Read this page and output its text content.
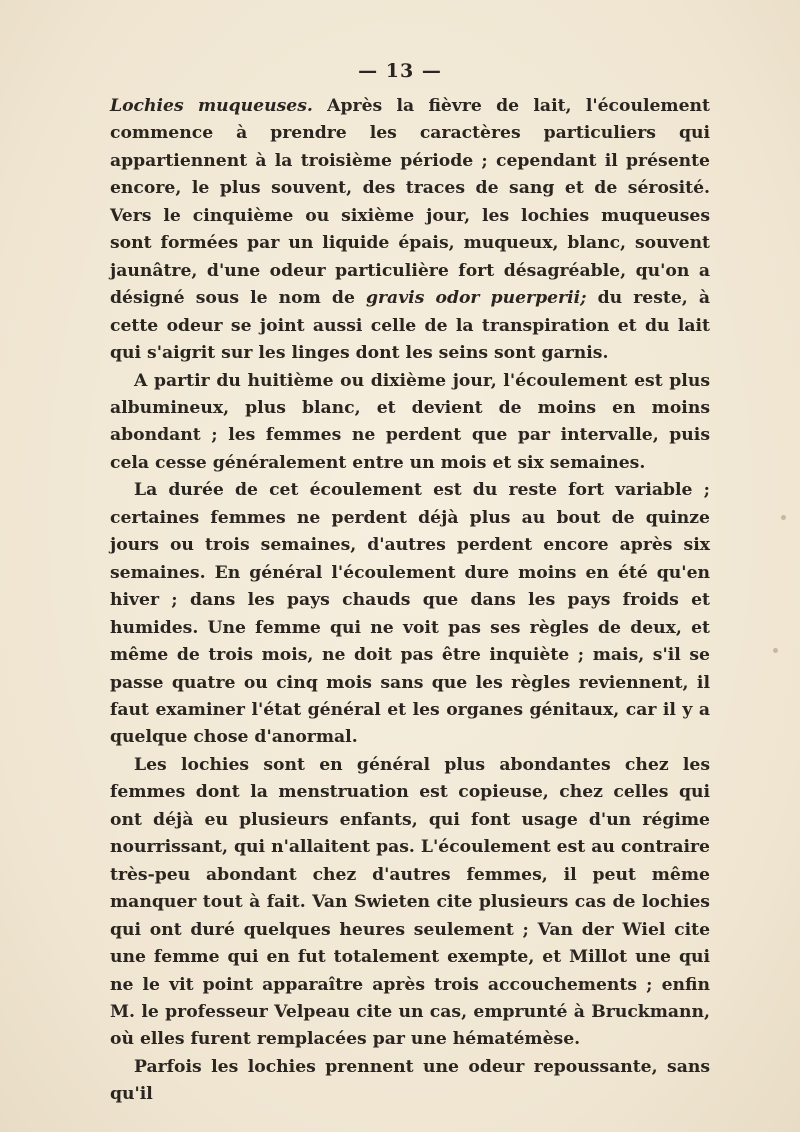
— 13 —

Lochies muqueuses. Après la fièvre de lait, l'écoulement commence à prendre les caractères particuliers qui appartiennent à la troisième période ; cependant il présente encore, le plus souvent, des traces de sang et de sérosité. Vers le cinquième ou sixième jour, les lochies muqueuses sont formées par un liquide épais, muqueux, blanc, souvent jaunâtre, d'une odeur particulière fort désagréable, qu'on a désigné sous le nom de gravis odor puerperii; du reste, à cette odeur se joint aussi celle de la transpiration et du lait qui s'aigrit sur les linges dont les seins sont garnis.

A partir du huitième ou dixième jour, l'écoulement est plus albumineux, plus blanc, et devient de moins en moins abondant ; les femmes ne perdent que par intervalle, puis cela cesse généralement entre un mois et six semaines.

La durée de cet écoulement est du reste fort variable ; certaines femmes ne perdent déjà plus au bout de quinze jours ou trois semaines, d'autres perdent encore après six semaines. En général l'écoulement dure moins en été qu'en hiver ; dans les pays chauds que dans les pays froids et humides. Une femme qui ne voit pas ses règles de deux, et même de trois mois, ne doit pas être inquiète ; mais, s'il se passe quatre ou cinq mois sans que les règles reviennent, il faut examiner l'état général et les organes génitaux, car il y a quelque chose d'anormal.

Les lochies sont en général plus abondantes chez les femmes dont la menstruation est copieuse, chez celles qui ont déjà eu plusieurs enfants, qui font usage d'un régime nourrissant, qui n'allaitent pas. L'écoulement est au contraire très-peu abondant chez d'autres femmes, il peut même manquer tout à fait. Van Swieten cite plusieurs cas de lochies qui ont duré quelques heures seulement ; Van der Wiel cite une femme qui en fut totalement exempte, et Millot une qui ne le vit point apparaître après trois accouchements ; enfin M. le professeur Velpeau cite un cas, emprunté à Bruckmann, où elles furent remplacées par une hématémèse.

Parfois les lochies prennent une odeur repoussante, sans qu'il
